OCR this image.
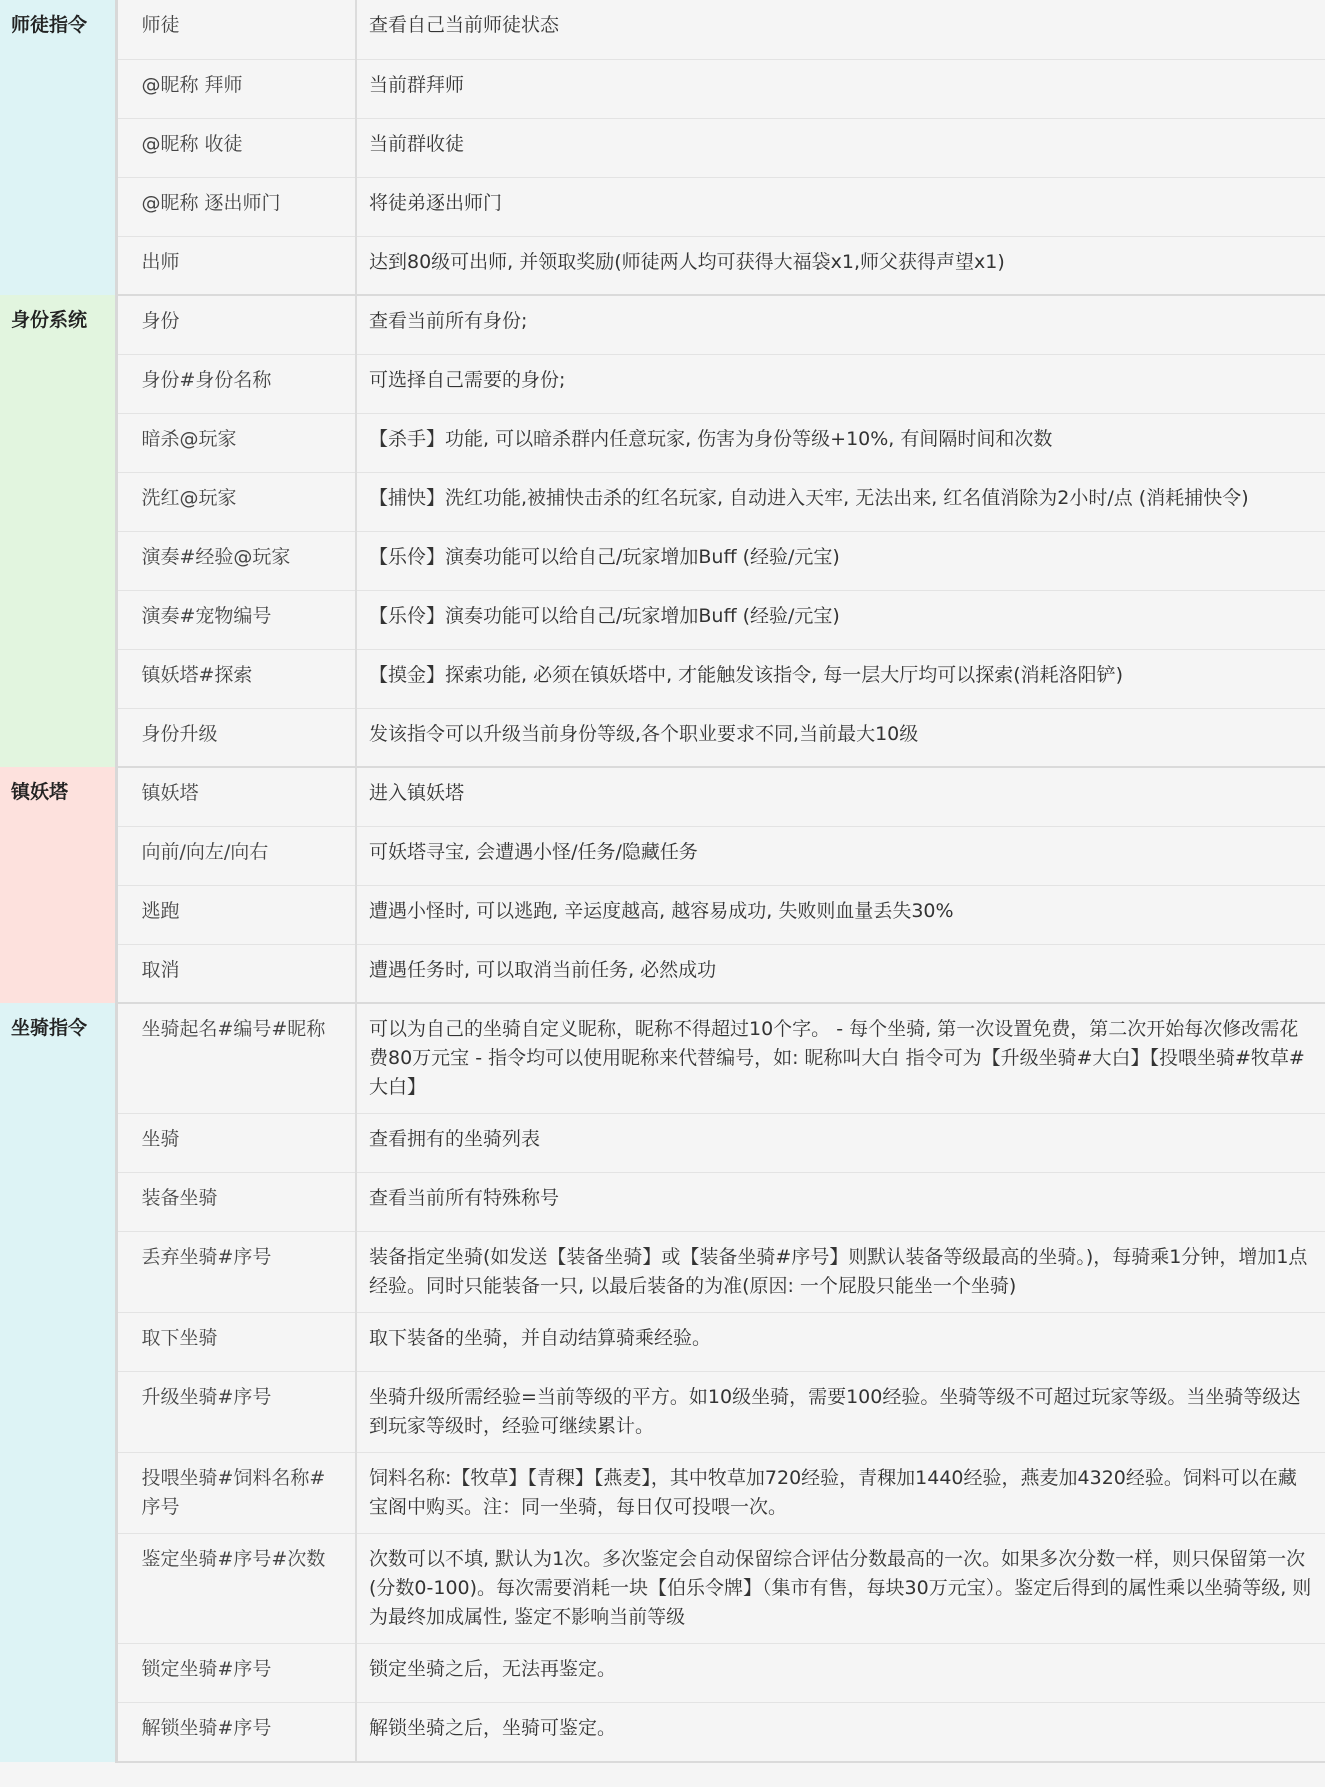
师徒指令	师徒	查看自己当前师徒状态
	@昵称 拜师	当前群拜师
	@昵称 收徒	当前群收徒
	@昵称 逐出师门	将徒弟逐出师门
	出师	达到80级可出师, 并领取奖励(师徒两人均可获得大福袋x1,师父获得声望x1)
身份系统	身份	查看当前所有身份;
	身份#身份名称	可选择自己需要的身份;
	暗杀@玩家	【杀手】功能, 可以暗杀群内任意玩家, 伤害为身份等级+10%, 有间隔时间和次数
	洗红@玩家	【捕快】洗红功能,被捕快击杀的红名玩家, 自动进入天牢, 无法出来, 红名值消除为2小时/点 (消耗捕快令)
	演奏#经验@玩家	【乐伶】演奏功能可以给自己/玩家增加Buff (经验/元宝)
	演奏#宠物编号	【乐伶】演奏功能可以给自己/玩家增加Buff (经验/元宝)
	镇妖塔#探索	【摸金】探索功能, 必须在镇妖塔中, 才能触发该指令, 每一层大厅均可以探索(消耗洛阳铲)
	身份升级	发该指令可以升级当前身份等级,各个职业要求不同,当前最大10级
镇妖塔	镇妖塔	进入镇妖塔
	向前/向左/向右	可妖塔寻宝, 会遭遇小怪/任务/隐藏任务
	逃跑	遭遇小怪时, 可以逃跑, 辛运度越高, 越容易成功, 失败则血量丢失30%
	取消	遭遇任务时, 可以取消当前任务, 必然成功
坐骑指令	坐骑起名#编号#昵称	可以为自己的坐骑自定义昵称，昵称不得超过10个字。 - 每个坐骑, 第一次设置免费，第二次开始每次修改需花费80万元宝 - 指令均可以使用昵称来代替编号，如: 昵称叫大白 指令可为【升级坐骑#大白】【投喂坐骑#牧草#大白】
	坐骑	查看拥有的坐骑列表
	装备坐骑	查看当前所有特殊称号
	丢弃坐骑#序号	装备指定坐骑(如发送【装备坐骑】或【装备坐骑#序号】则默认装备等级最高的坐骑。)，每骑乘1分钟，增加1点经验。同时只能装备一只, 以最后装备的为准(原因: 一个屁股只能坐一个坐骑)
	取下坐骑	取下装备的坐骑，并自动结算骑乘经验。
	升级坐骑#序号	坐骑升级所需经验=当前等级的平方。如10级坐骑，需要100经验。坐骑等级不可超过玩家等级。当坐骑等级达到玩家等级时，经验可继续累计。
	投喂坐骑#饲料名称#序号	饲料名称:【牧草】【青稞】【燕麦】，其中牧草加720经验，青稞加1440经验，燕麦加4320经验。饲料可以在藏宝阁中购买。注：同一坐骑，每日仅可投喂一次。
	鉴定坐骑#序号#次数	次数可以不填, 默认为1次。多次鉴定会自动保留综合评估分数最高的一次。如果多次分数一样，则只保留第一次(分数0-100)。每次需要消耗一块【伯乐令牌】（集市有售，每块30万元宝）。鉴定后得到的属性乘以坐骑等级, 则为最终加成属性, 鉴定不影响当前等级
	锁定坐骑#序号	锁定坐骑之后，无法再鉴定。
	解锁坐骑#序号	解锁坐骑之后，坐骑可鉴定。
